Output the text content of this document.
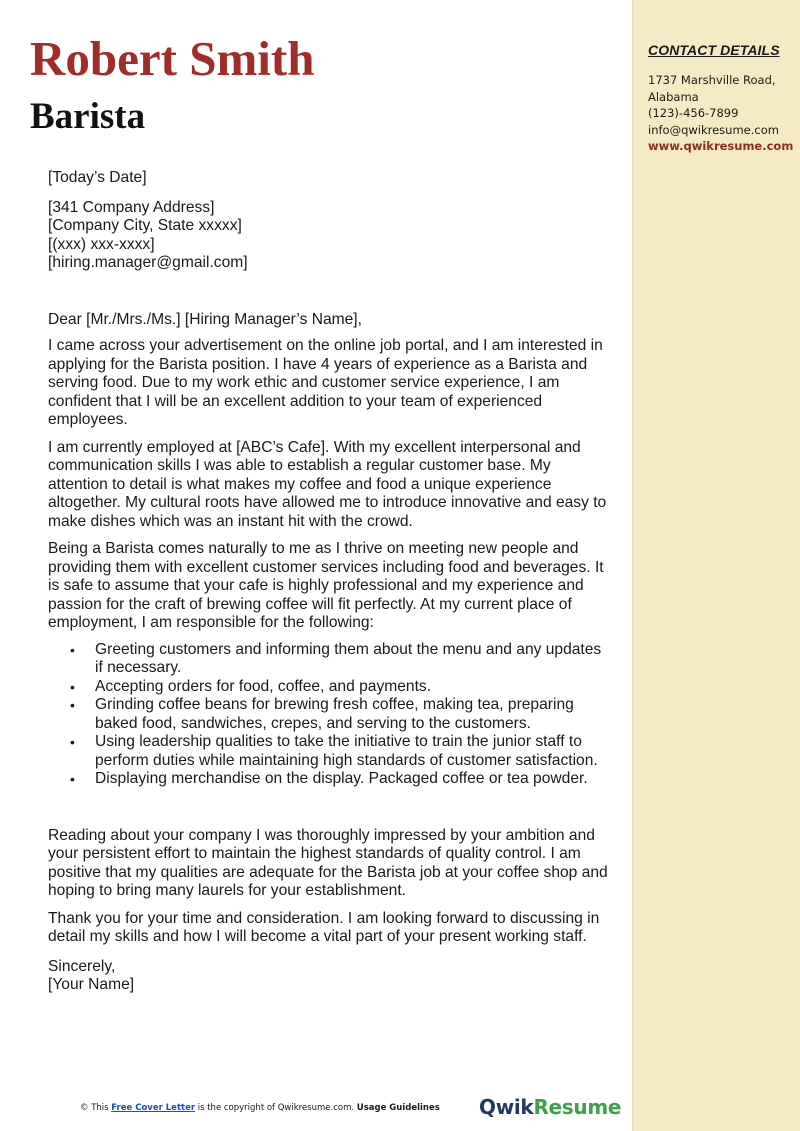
Robert Smith
Barista
CONTACT DETAILS
1737 Marshville Road,
Alabama
(123)-456-7899
info@qwikresume.com
www.qwikresume.com

[Today’s Date]

[341 Company Address]

[Company City, State xxxxx]

[(xxx) xxx-xxxx]

[hiring.manager@gmail.com]

Dear [Mr./Mrs./Ms.] [Hiring Manager’s Name],

I came across your advertisement on the online job portal, and I am interested in applying for the Barista position. I have 4 years of experience as a Barista and serving food. Due to my work ethic and customer service experience, I am confident that I will be an excellent addition to your team of experienced employees.

I am currently employed at [ABC’s Cafe]. With my excellent interpersonal and communication skills I was able to establish a regular customer base. My attention to detail is what makes my coffee and food a unique experience altogether. My cultural roots have allowed me to introduce innovative and easy to make dishes which was an instant hit with the crowd.

Being a Barista comes naturally to me as I thrive on meeting new people and providing them with excellent customer services including food and beverages. It is safe to assume that your cafe is highly professional and my experience and passion for the craft of brewing coffee will fit perfectly. At my current place of employment, I am responsible for the following:

• Greeting customers and informing them about the menu and any updates if necessary.
• Accepting orders for food, coffee, and payments.
• Grinding coffee beans for brewing fresh coffee, making tea, preparing baked food, sandwiches, crepes, and serving to the customers.
• Using leadership qualities to take the initiative to train the junior staff to perform duties while maintaining high standards of customer satisfaction.
• Displaying merchandise on the display. Packaged coffee or tea powder.

Reading about your company I was thoroughly impressed by your ambition and your persistent effort to maintain the highest standards of quality control. I am positive that my qualities are adequate for the Barista job at your coffee shop and hoping to bring many laurels for your establishment.

Thank you for your time and consideration. I am looking forward to discussing in detail my skills and how I will become a vital part of your present working staff.

Sincerely,

[Your Name]

© This Free Cover Letter is the copyright of Qwikresume.com. Usage Guidelines QwikResume
